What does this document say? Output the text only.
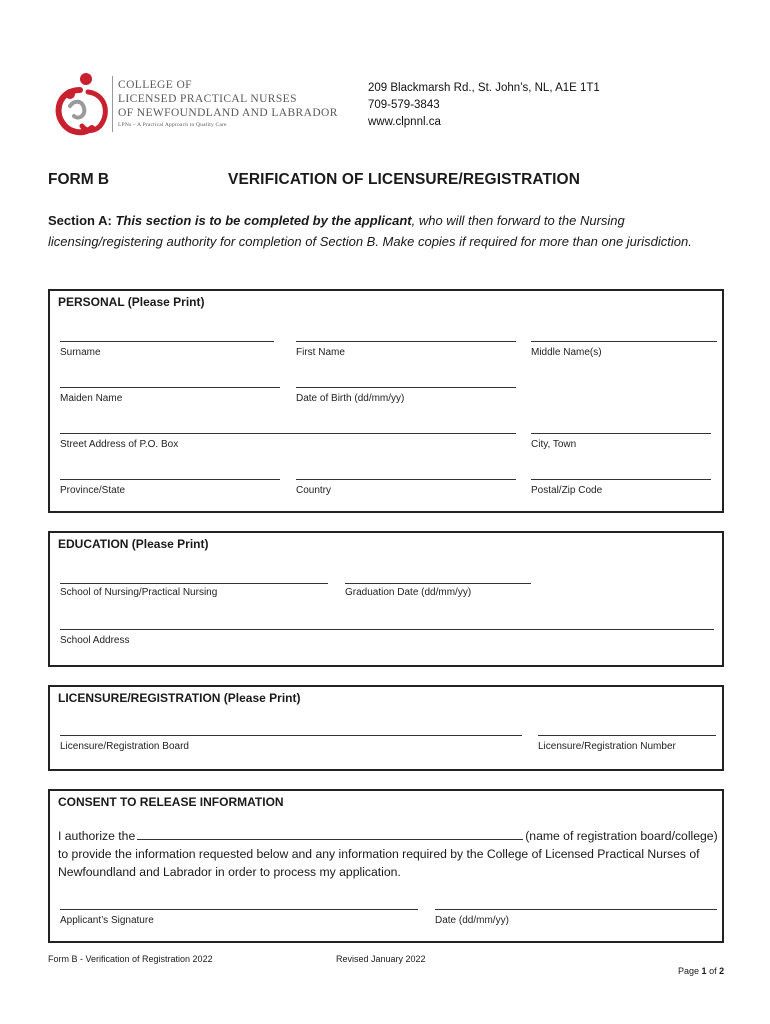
COLLEGE OF
LICENSED PRACTICAL NURSES
OF NEWFOUNDLAND AND LABRADOR
LPNs – A Practical Approach to Quality Care
209 Blackmarsh Rd., St. John’s, NL, A1E 1T1
709-579-3843
www.clpnnl.ca
FORM B	VERIFICATION OF LICENSURE/REGISTRATION
Section A: This section is to be completed by the applicant, who will then forward to the Nursing licensing/registering authority for completion of Section B. Make copies if required for more than one jurisdiction.
PERSONAL (Please Print)
Surname	First Name	Middle Name(s)
Maiden Name	Date of Birth (dd/mm/yy)
Street Address of P.O. Box	City, Town
Province/State	Country	Postal/Zip Code
EDUCATION (Please Print)
School of Nursing/Practical Nursing	Graduation Date (dd/mm/yy)
School Address
LICENSURE/REGISTRATION (Please Print)
Licensure/Registration Board	Licensure/Registration Number
CONSENT TO RELEASE INFORMATION
I authorize the	(name of registration board/college) to provide the information requested below and any information required by the College of Licensed Practical Nurses of Newfoundland and Labrador in order to process my application.
Applicant’s Signature	Date (dd/mm/yy)
Form B - Verification of Registration 2022	Revised January 2022
Page 1 of 2
